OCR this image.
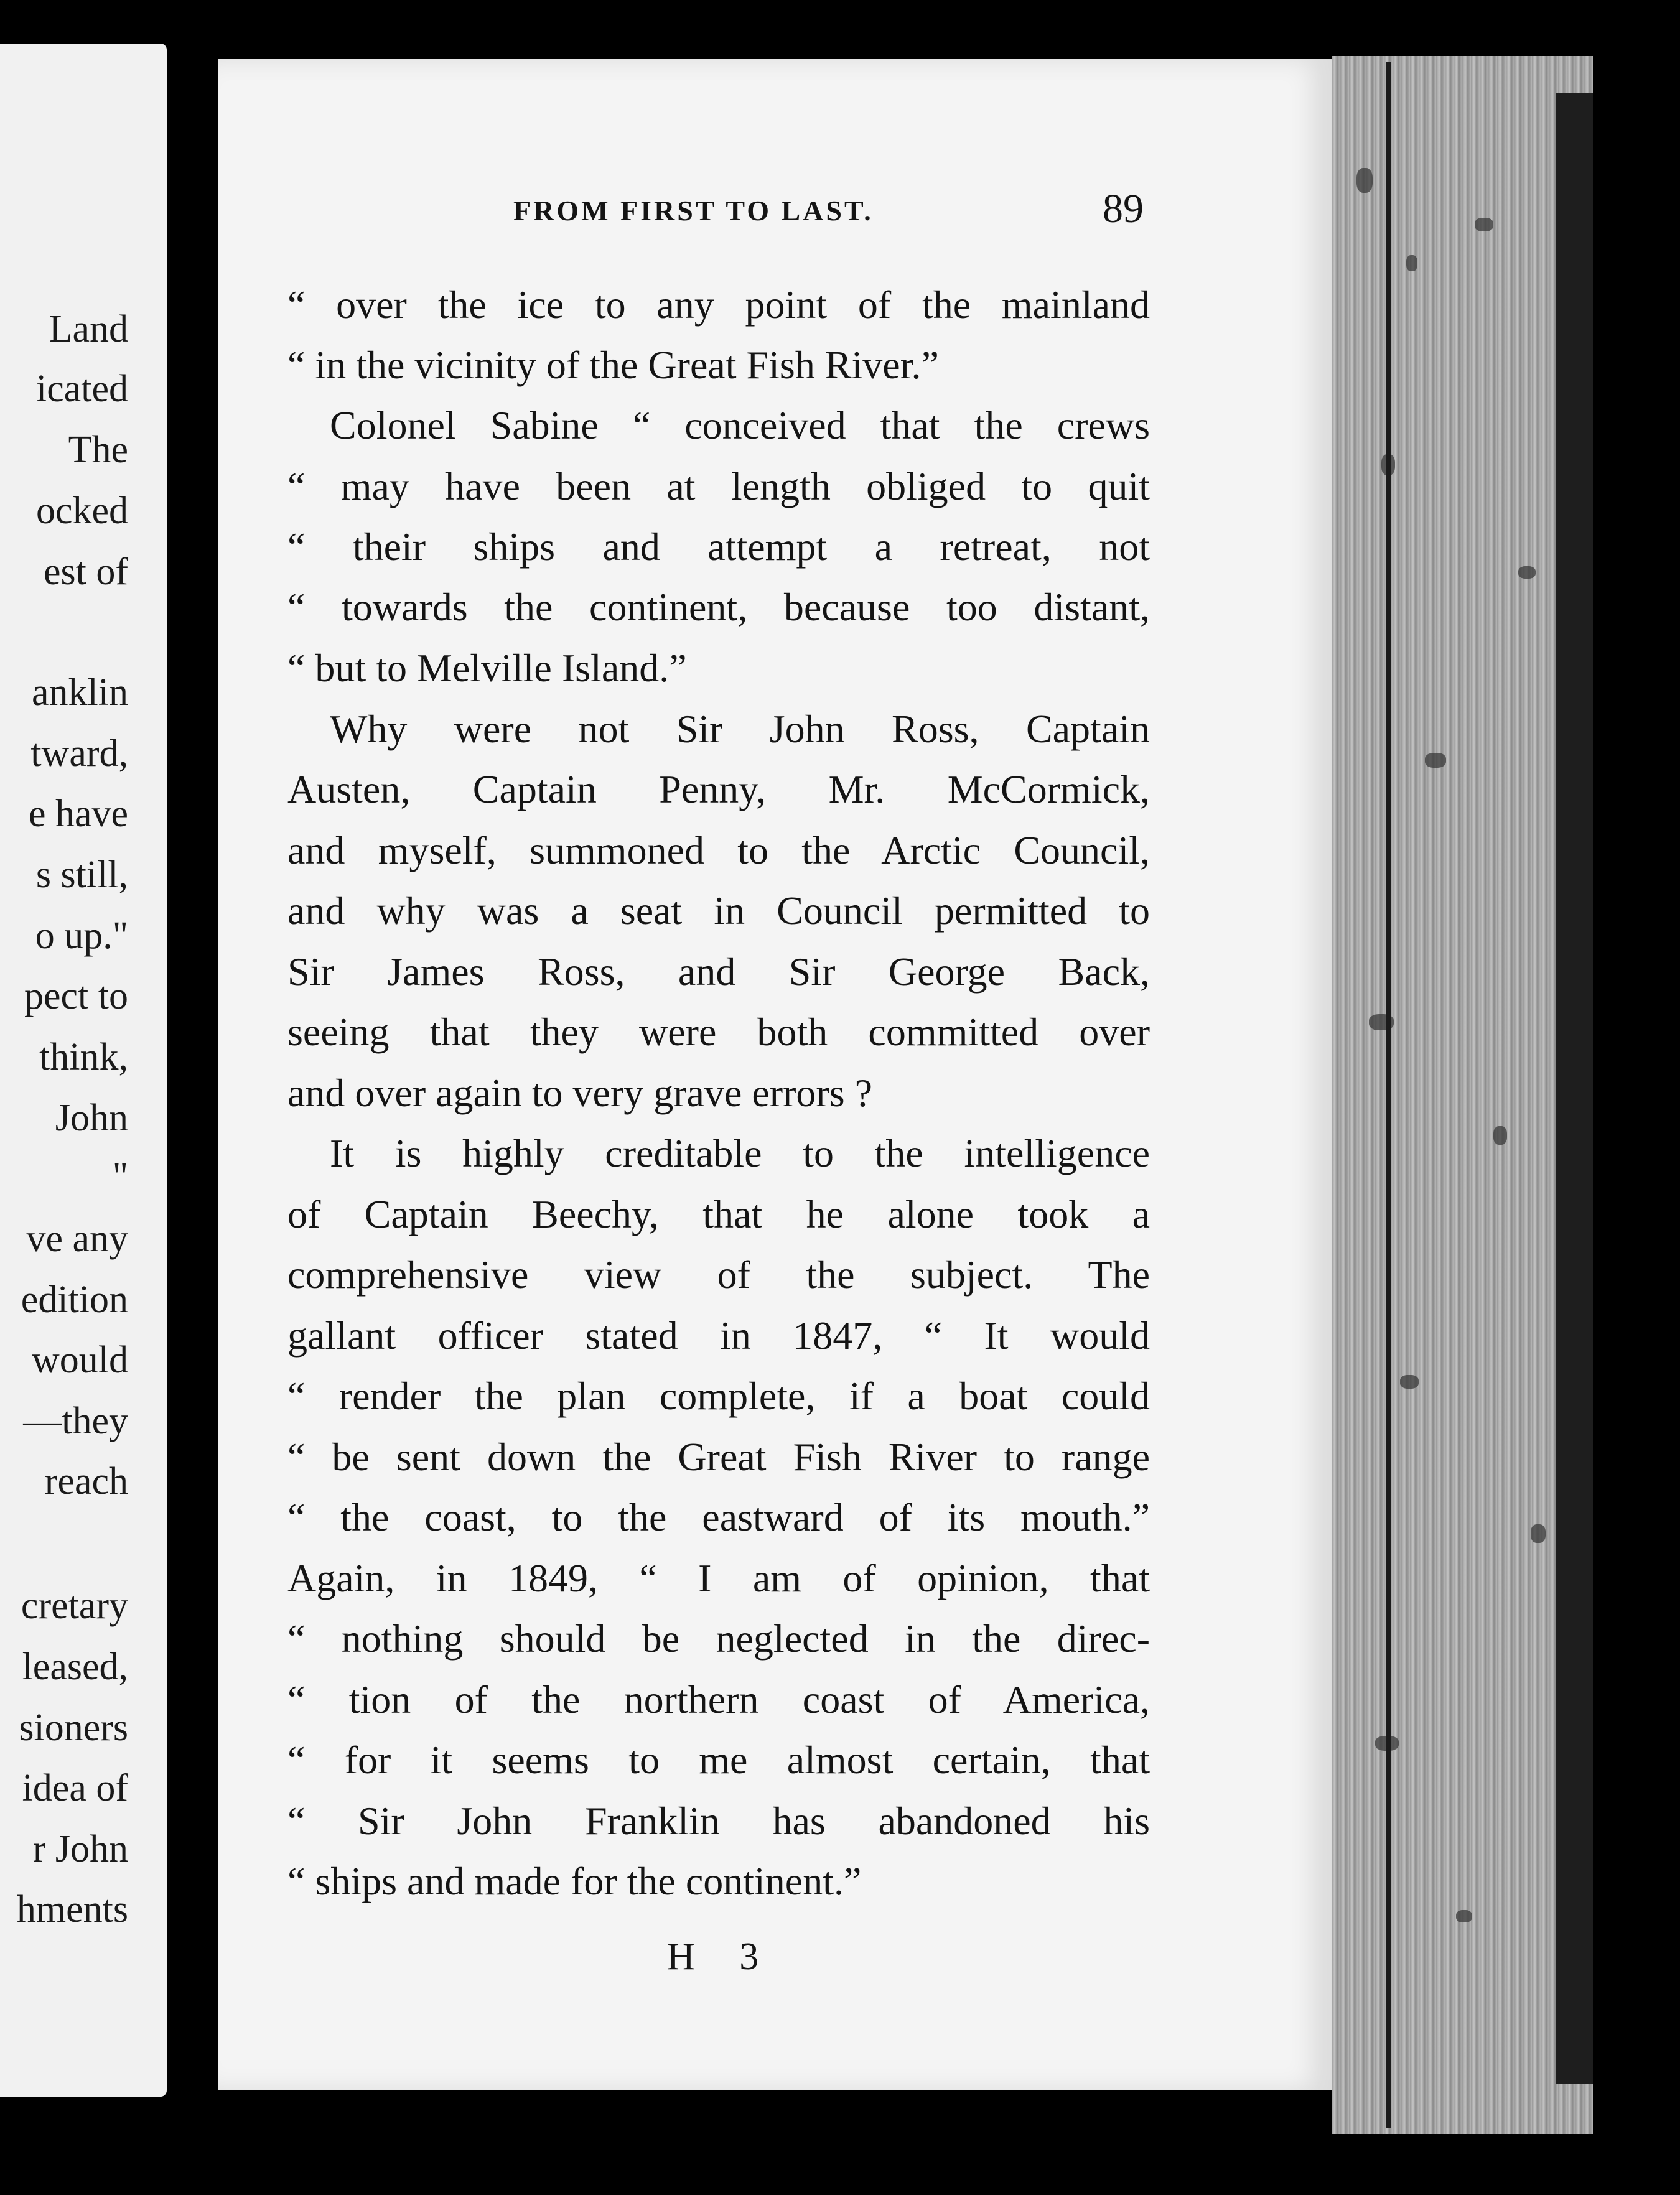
Land
icated
The
ocked
est of
anklin
tward,
e have
s still,
o up."
pect to
think,
John
"
ve any
edition
would
—they
reach
cretary
leased,
sioners
idea of
r John
hments
FROM FIRST TO LAST.	89
“ over the ice to any point of the mainland
“ in the vicinity of the Great Fish River.”
Colonel Sabine “ conceived that the crews
“ may have been at length obliged to quit
“ their ships and attempt a retreat, not
“ towards the continent, because too distant,
“ but to Melville Island.”
Why were not Sir John Ross, Captain
Austen, Captain Penny, Mr. McCormick,
and myself, summoned to the Arctic Council,
and why was a seat in Council permitted to
Sir James Ross, and Sir George Back,
seeing that they were both committed over
and over again to very grave errors ?
It is highly creditable to the intelligence
of Captain Beechy, that he alone took a
comprehensive view of the subject. The
gallant officer stated in 1847, “ It would
“ render the plan complete, if a boat could
“ be sent down the Great Fish River to range
“ the coast, to the eastward of its mouth.”
Again, in 1849, “ I am of opinion, that
“ nothing should be neglected in the direc-
“ tion of the northern coast of America,
“ for it seems to me almost certain, that
“ Sir John Franklin has abandoned his
“ ships and made for the continent.”
H 3
